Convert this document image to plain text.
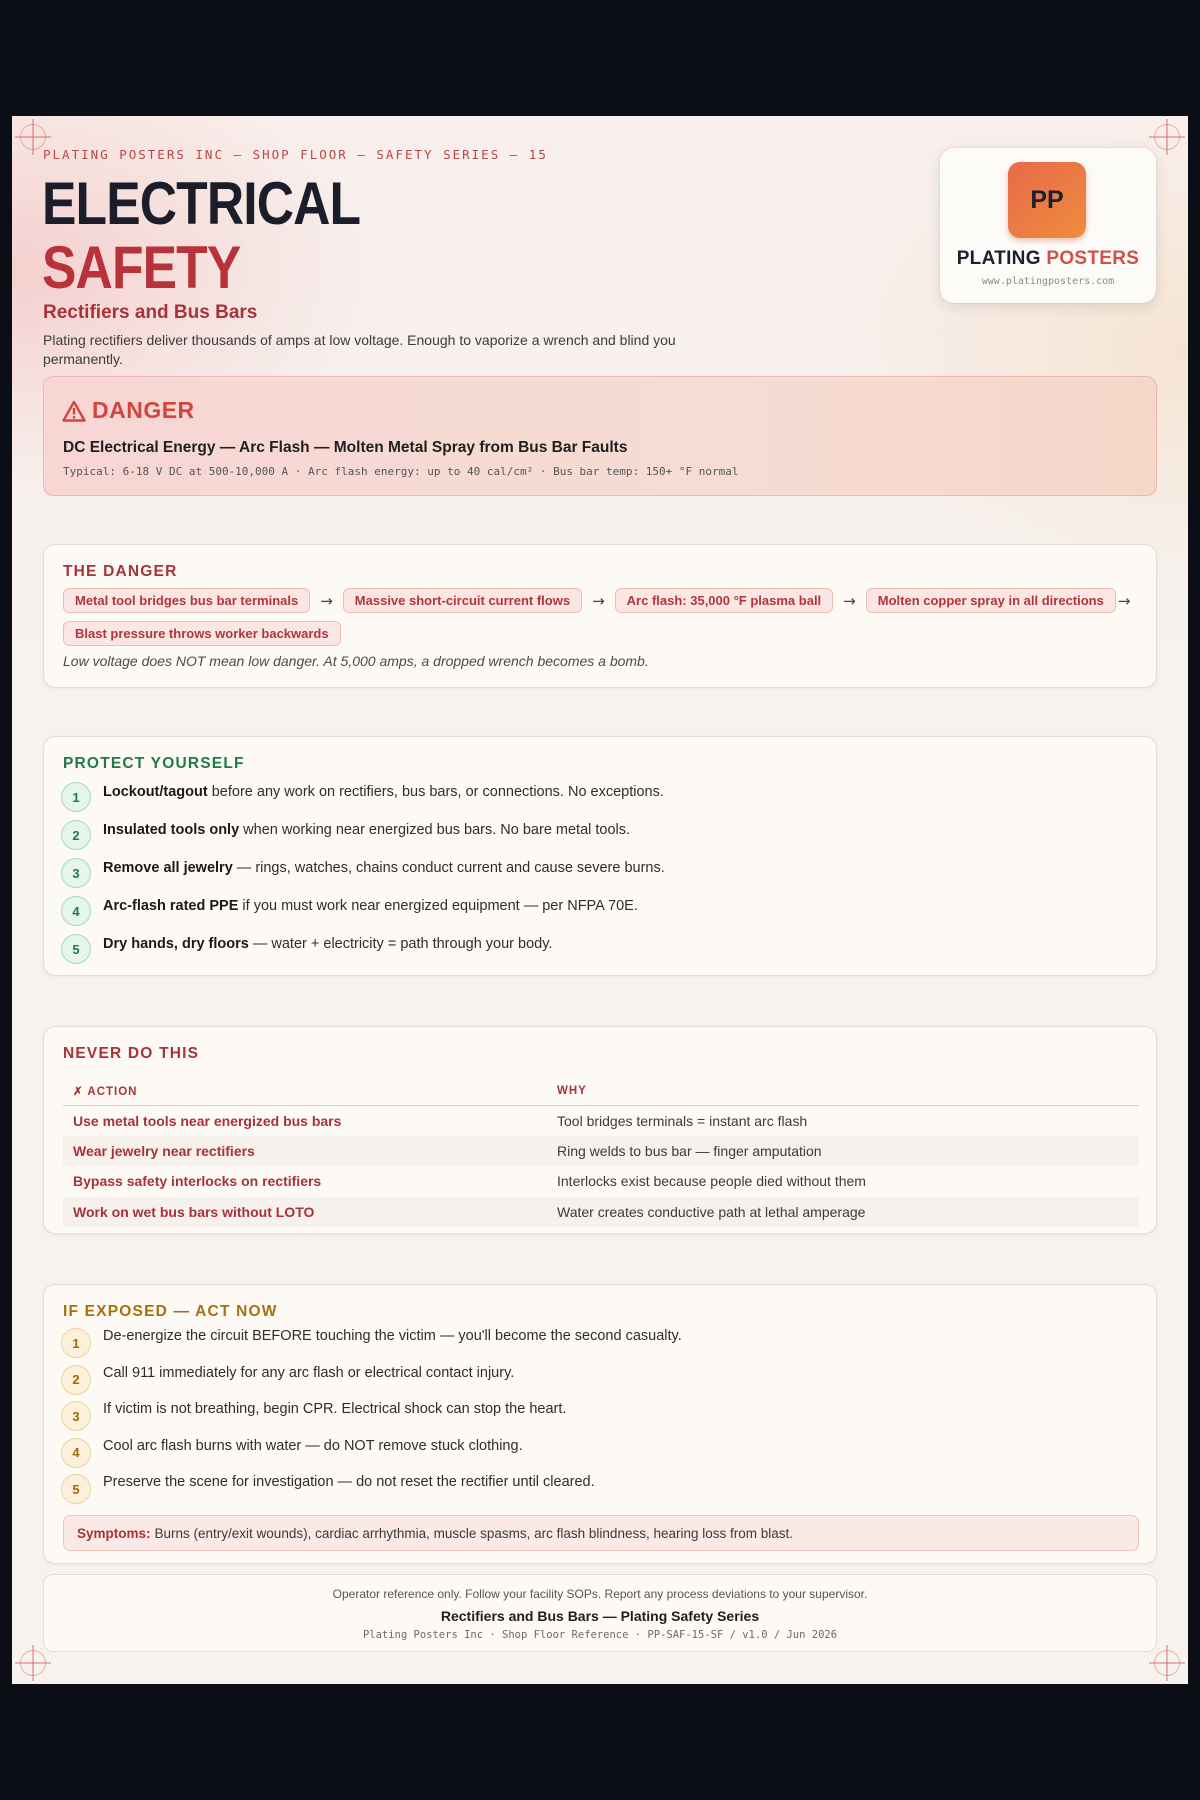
PLATING POSTERS INC — SHOP FLOOR — SAFETY SERIES — 15
ELECTRICAL
SAFETY
Rectifiers and Bus Bars
Plating rectifiers deliver thousands of amps at low voltage. Enough to vaporize a wrench and blind you permanently.
PP
PLATING POSTERS
www.platingposters.com
DANGER
DC Electrical Energy — Arc Flash — Molten Metal Spray from Bus Bar Faults
Typical: 6-18 V DC at 500-10,000 A · Arc flash energy: up to 40 cal/cm² · Bus bar temp: 150+ °F normal
THE DANGER
Metal tool bridges bus bar terminals	→	Massive short-circuit current flows	→	Arc flash: 35,000 °F plasma ball	→	Molten copper spray in all directions →
Blast pressure throws worker backwards
Low voltage does NOT mean low danger. At 5,000 amps, a dropped wrench becomes a bomb.
PROTECT YOURSELF
1	Lockout/tagout before any work on rectifiers, bus bars, or connections. No exceptions.
2	Insulated tools only when working near energized bus bars. No bare metal tools.
3	Remove all jewelry — rings, watches, chains conduct current and cause severe burns.
4	Arc-flash rated PPE if you must work near energized equipment — per NFPA 70E.
5	Dry hands, dry floors — water + electricity = path through your body.
NEVER DO THIS
✗ ACTION	WHY
Use metal tools near energized bus bars	Tool bridges terminals = instant arc flash
Wear jewelry near rectifiers	Ring welds to bus bar — finger amputation
Bypass safety interlocks on rectifiers	Interlocks exist because people died without them
Work on wet bus bars without LOTO	Water creates conductive path at lethal amperage
IF EXPOSED — ACT NOW
1	De-energize the circuit BEFORE touching the victim — you'll become the second casualty.
2	Call 911 immediately for any arc flash or electrical contact injury.
3	If victim is not breathing, begin CPR. Electrical shock can stop the heart.
4	Cool arc flash burns with water — do NOT remove stuck clothing.
5	Preserve the scene for investigation — do not reset the rectifier until cleared.
Symptoms: Burns (entry/exit wounds), cardiac arrhythmia, muscle spasms, arc flash blindness, hearing loss from blast.
Operator reference only. Follow your facility SOPs. Report any process deviations to your supervisor.
Rectifiers and Bus Bars — Plating Safety Series
Plating Posters Inc · Shop Floor Reference · PP-SAF-15-SF / v1.0 / Jun 2026
